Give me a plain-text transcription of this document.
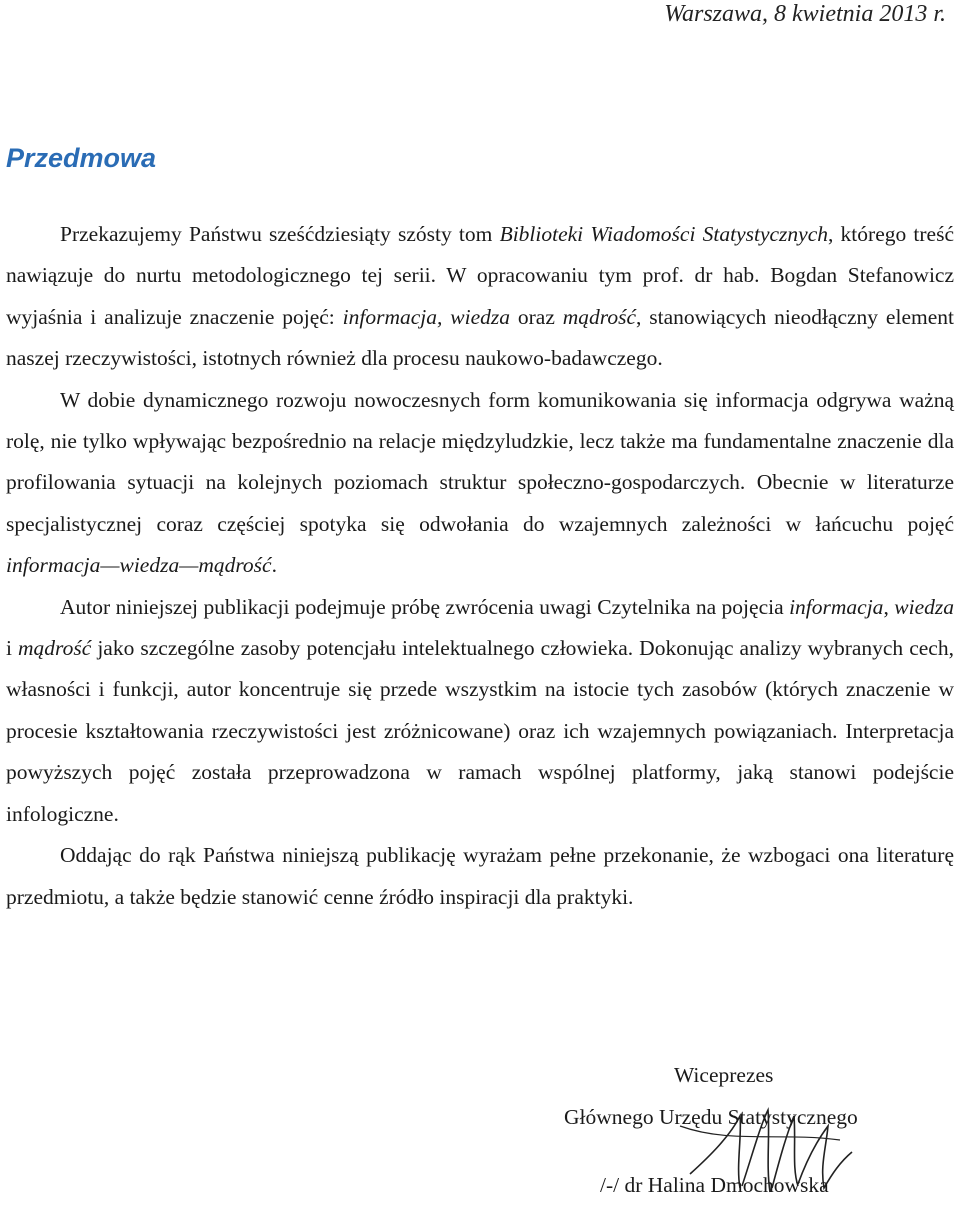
Warszawa, 8 kwietnia 2013 r.
Przedmowa

Przekazujemy Państwu sześćdziesiąty szósty tom Biblioteki Wiadomości Statystycznych, którego treść nawiązuje do nurtu metodologicznego tej serii. W opracowaniu tym prof. dr hab. Bogdan Stefanowicz wyjaśnia i analizuje znaczenie pojęć: informacja, wiedza oraz mądrość, stanowiących nieodłączny element naszej rzeczywistości, istotnych również dla procesu naukowo-badawczego.

W dobie dynamicznego rozwoju nowoczesnych form komunikowania się informacja odgrywa ważną rolę, nie tylko wpływając bezpośrednio na relacje międzyludzkie, lecz także ma fundamentalne znaczenie dla profilowania sytuacji na kolejnych poziomach struktur społeczno-gospodarczych. Obecnie w literaturze specjalistycznej coraz częściej spotyka się odwołania do wzajemnych zależności w łańcuchu pojęć informacja—wiedza—mądrość.

Autor niniejszej publikacji podejmuje próbę zwrócenia uwagi Czytelnika na pojęcia informacja, wiedza i mądrość jako szczególne zasoby potencjału intelektualnego człowieka. Dokonując analizy wybranych cech, własności i funkcji, autor koncentruje się przede wszystkim na istocie tych zasobów (których znaczenie w procesie kształtowania rzeczywistości jest zróżnicowane) oraz ich wzajemnych powiązaniach. Interpretacja powyższych pojęć została przeprowadzona w ramach wspólnej platformy, jaką stanowi podejście infologiczne.

Oddając do rąk Państwa niniejszą publikację wyrażam pełne przekonanie, że wzbogaci ona literaturę przedmiotu, a także będzie stanowić cenne źródło inspiracji dla praktyki.

Wiceprezes
Głównego Urzędu Statystycznego
/-/ dr Halina Dmochowska
